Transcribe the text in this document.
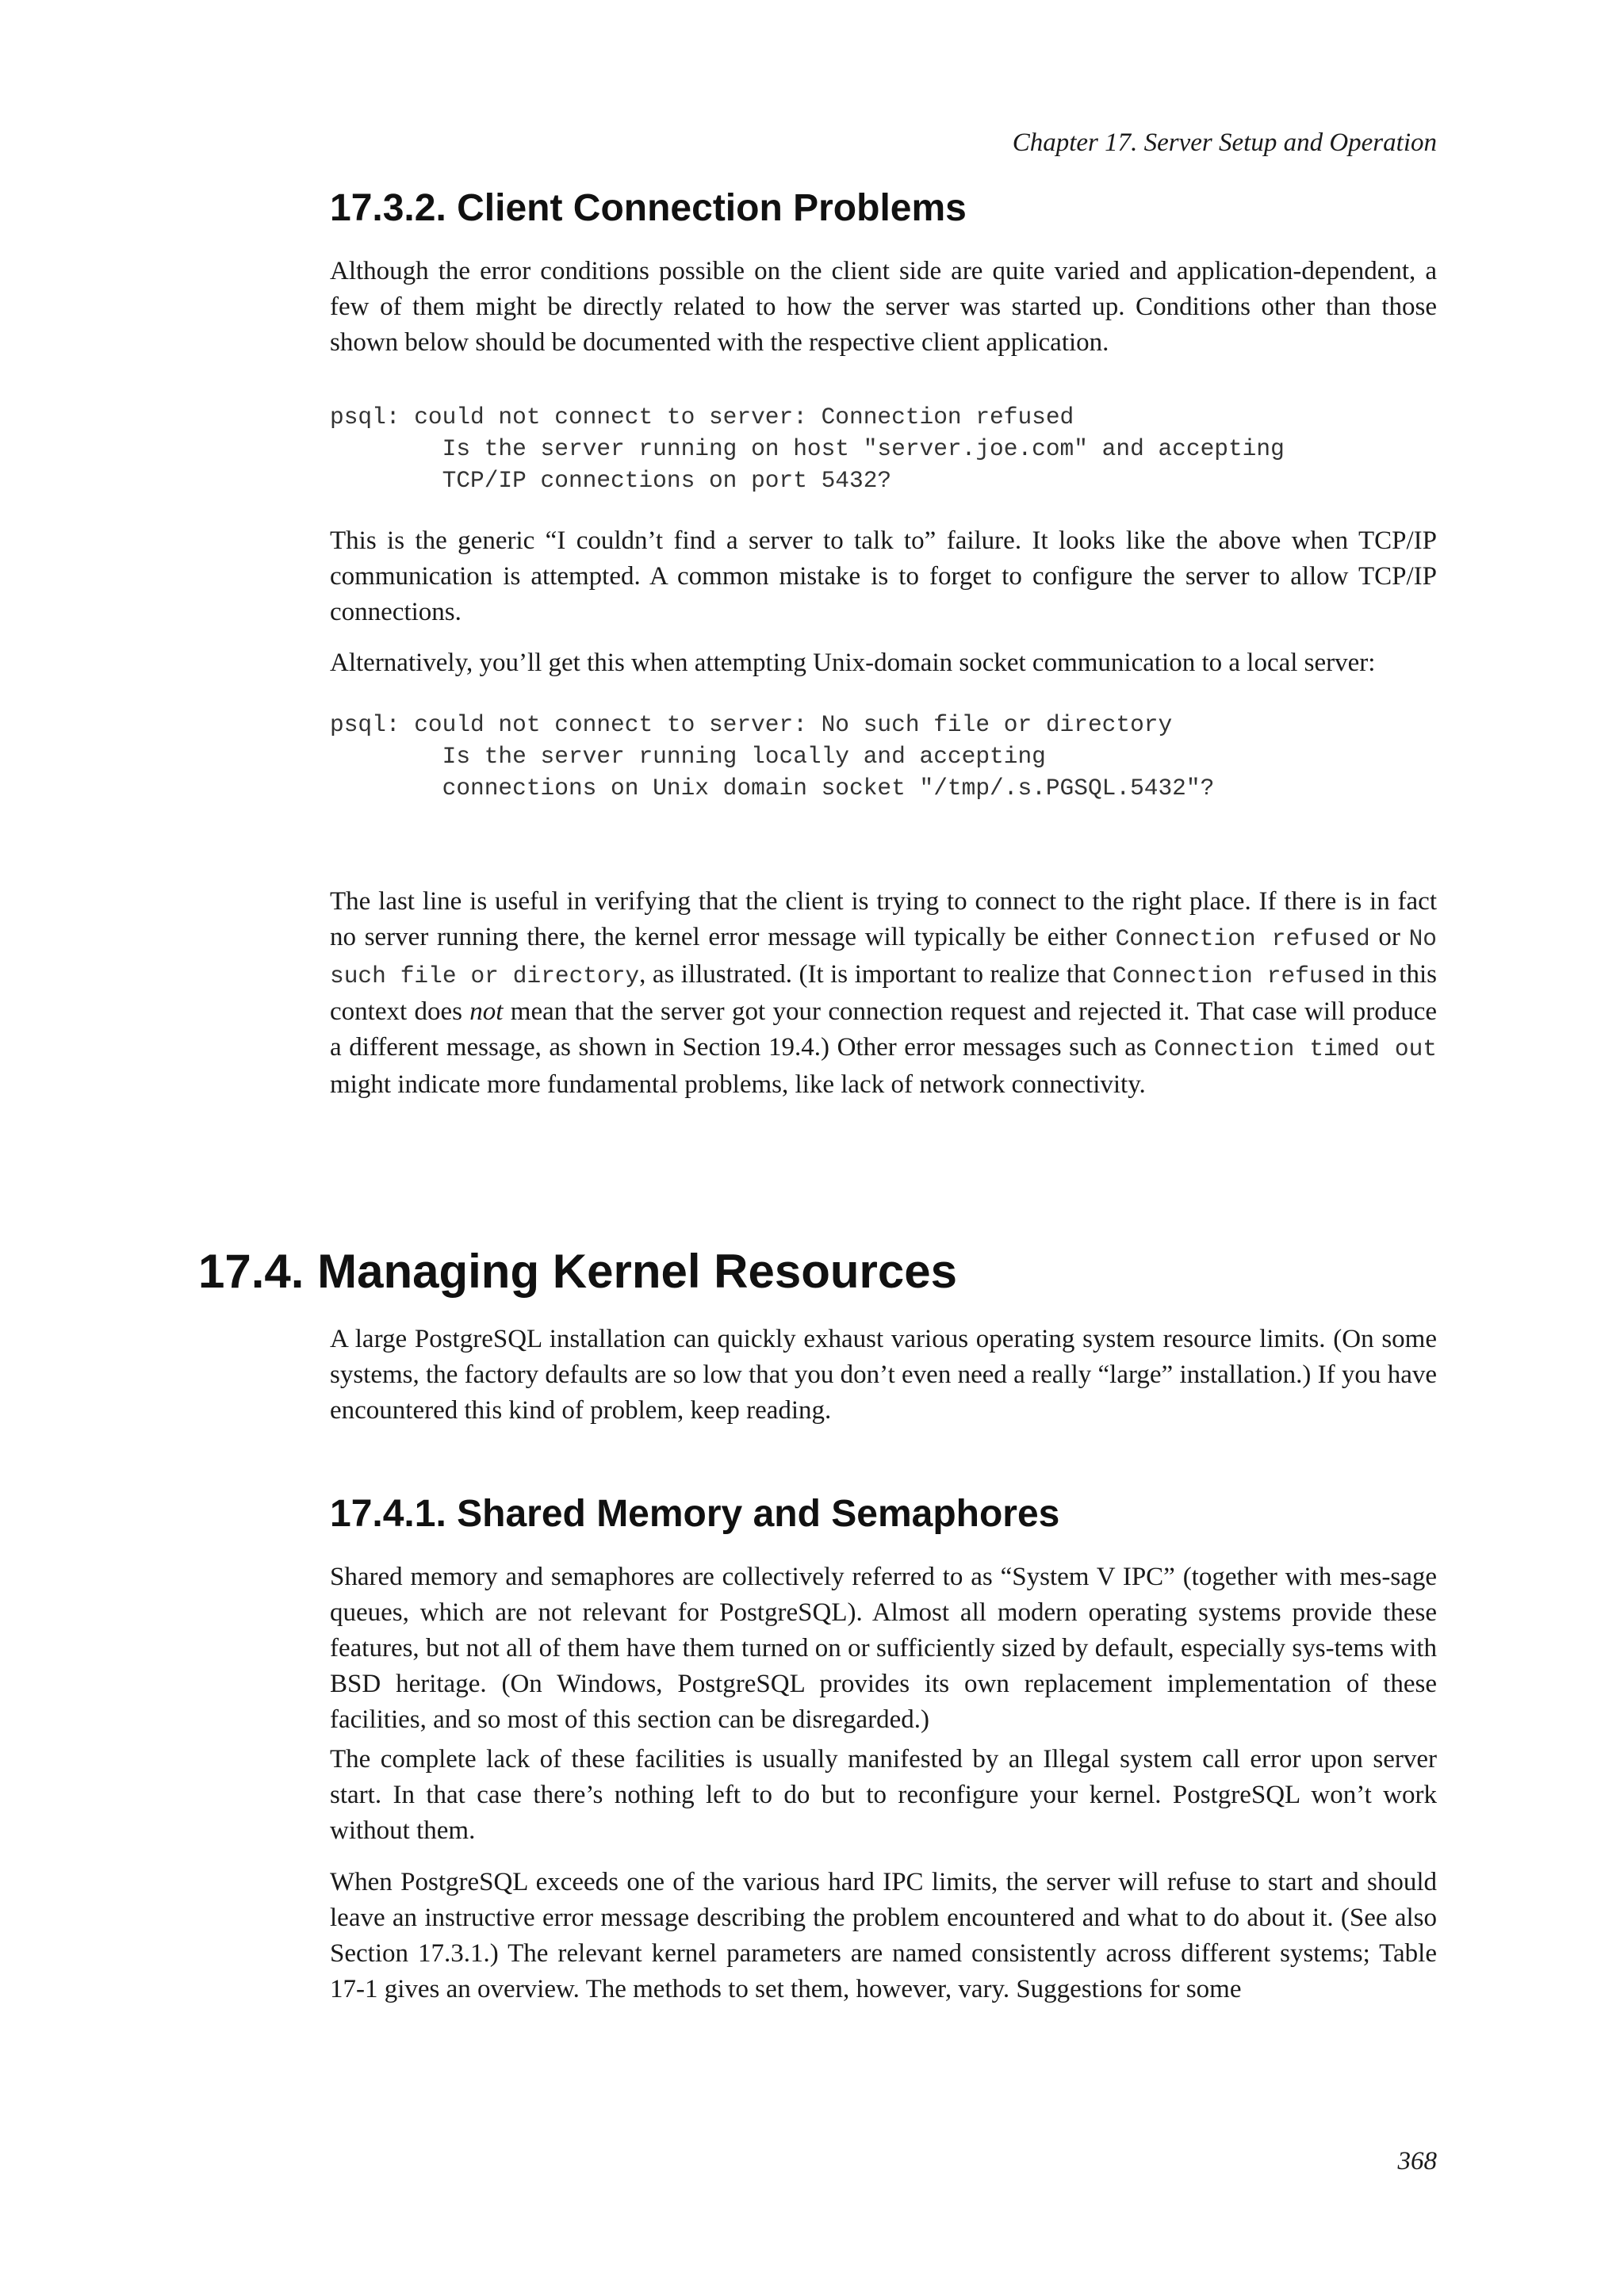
Chapter 17. Server Setup and Operation
17.3.2. Client Connection Problems

Although the error conditions possible on the client side are quite varied and application-dependent, a few of them might be directly related to how the server was started up. Conditions other than those shown below should be documented with the respective client application.

psql: could not connect to server: Connection refused
Is the server running on host "server.joe.com" and accepting
TCP/IP connections on port 5432?

This is the generic “I couldn’t find a server to talk to” failure. It looks like the above when TCP/IP communication is attempted. A common mistake is to forget to configure the server to allow TCP/IP connections.

Alternatively, you’ll get this when attempting Unix-domain socket communication to a local server:

psql: could not connect to server: No such file or directory
Is the server running locally and accepting
connections on Unix domain socket "/tmp/.s.PGSQL.5432"?

The last line is useful in verifying that the client is trying to connect to the right place. If there is in fact no server running there, the kernel error message will typically be either Connection refused or No such file or directory, as illustrated. (It is important to realize that Connection refused in this context does not mean that the server got your connection request and rejected it. That case will produce a different message, as shown in Section 19.4.) Other error messages such as Connection timed out might indicate more fundamental problems, like lack of network connectivity.

17.4. Managing Kernel Resources

A large PostgreSQL installation can quickly exhaust various operating system resource limits. (On some systems, the factory defaults are so low that you don’t even need a really “large” installation.) If you have encountered this kind of problem, keep reading.

17.4.1. Shared Memory and Semaphores

Shared memory and semaphores are collectively referred to as “System V IPC” (together with mes-sage queues, which are not relevant for PostgreSQL). Almost all modern operating systems provide these features, but not all of them have them turned on or sufficiently sized by default, especially sys-tems with BSD heritage. (On Windows, PostgreSQL provides its own replacement implementation of these facilities, and so most of this section can be disregarded.)

The complete lack of these facilities is usually manifested by an Illegal system call error upon server start. In that case there’s nothing left to do but to reconfigure your kernel. PostgreSQL won’t work without them.

When PostgreSQL exceeds one of the various hard IPC limits, the server will refuse to start and should leave an instructive error message describing the problem encountered and what to do about it. (See also Section 17.3.1.) The relevant kernel parameters are named consistently across different systems; Table 17-1 gives an overview. The methods to set them, however, vary. Suggestions for some

368
